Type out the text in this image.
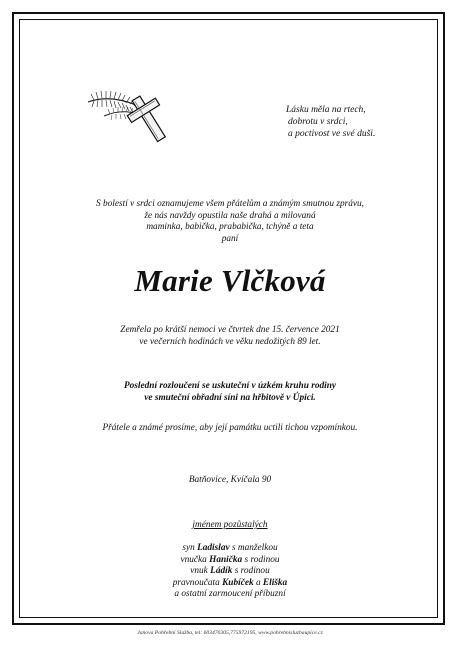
Lásku měla na rtech,
dobrotu v srdci,
a poctivost ve své duši.
S bolestí v srdci oznamujeme všem přátelům a známým smutnou zprávu,
že nás navždy opustila naše drahá a milovaná
maminka, babička, prababička, tchýně a teta
paní
Marie Vlčková
Zemřela po krátší nemoci ve čtvrtek dne 15. července 2021
ve večerních hodinách ve věku nedožitých 89 let.
Poslední rozloučení se uskuteční v úzkém kruhu rodiny
ve smuteční obřadní síni na hřbitově v Úpici.
Přátele a známé prosíme, aby její památku uctili tichou vzpomínkou.
Batňovice, Kvíčala 90
jménem pozůstalých
syn Ladislav s manželkou
vnučka Hanička s rodinou
vnuk Ládík s rodinou
pravnoučata Kubíček a Eliška
a ostatní zarmoucení příbuzní
Janova Pohřební Služba, tel: 603470305,775972195, www.pohrebnisluzbaupice.cz
